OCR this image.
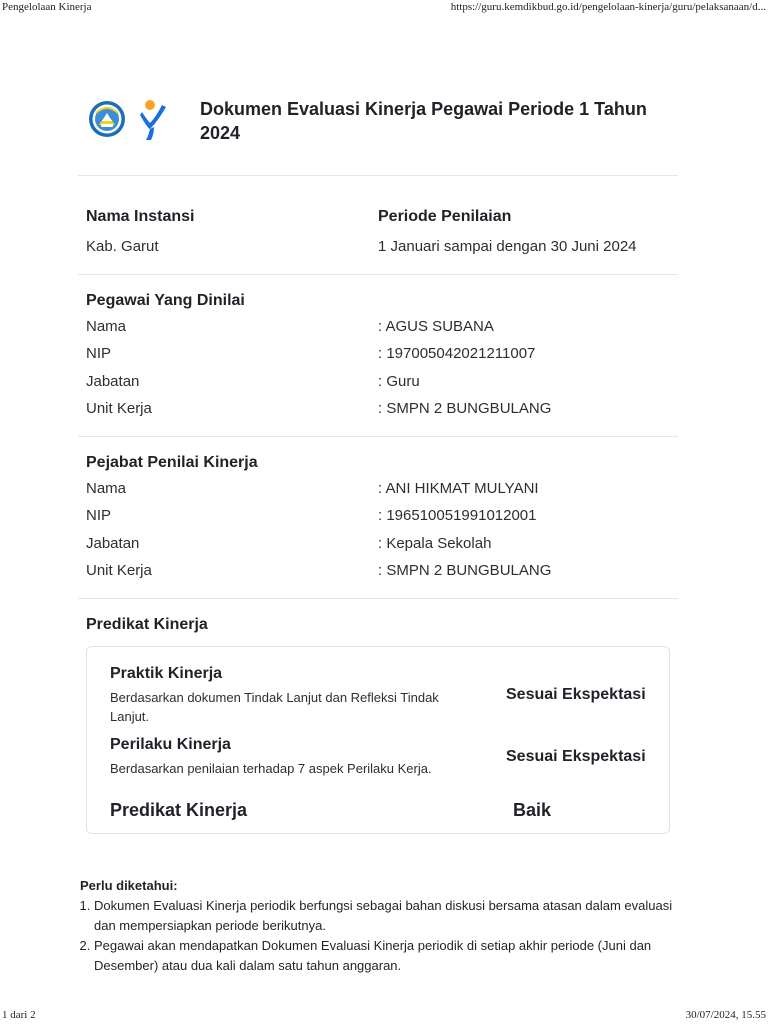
Pengelolaan Kinerja	https://guru.kemdikbud.go.id/pengelolaan-kinerja/guru/pelaksanaan/d...
Dokumen Evaluasi Kinerja Pegawai Periode 1 Tahun 2024
Nama Instansi
Kab. Garut
Periode Penilaian
1 Januari sampai dengan 30 Juni 2024
Pegawai Yang Dinilai
Nama	: AGUS SUBANA
NIP	: 197005042021211007
Jabatan	: Guru
Unit Kerja	: SMPN 2 BUNGBULANG
Pejabat Penilai Kinerja
Nama	: ANI HIKMAT MULYANI
NIP	: 196510051991012001
Jabatan	: Kepala Sekolah
Unit Kerja	: SMPN 2 BUNGBULANG
Predikat Kinerja
Praktik Kinerja
Berdasarkan dokumen Tindak Lanjut dan Refleksi Tindak Lanjut.
Sesuai Ekspektasi
Perilaku Kinerja
Berdasarkan penilaian terhadap 7 aspek Perilaku Kerja.
Sesuai Ekspektasi
Predikat Kinerja	Baik
Perlu diketahui:
1. Dokumen Evaluasi Kinerja periodik berfungsi sebagai bahan diskusi bersama atasan dalam evaluasi dan mempersiapkan periode berikutnya.
2. Pegawai akan mendapatkan Dokumen Evaluasi Kinerja periodik di setiap akhir periode (Juni dan Desember) atau dua kali dalam satu tahun anggaran.
1 dari 2	30/07/2024, 15.55
